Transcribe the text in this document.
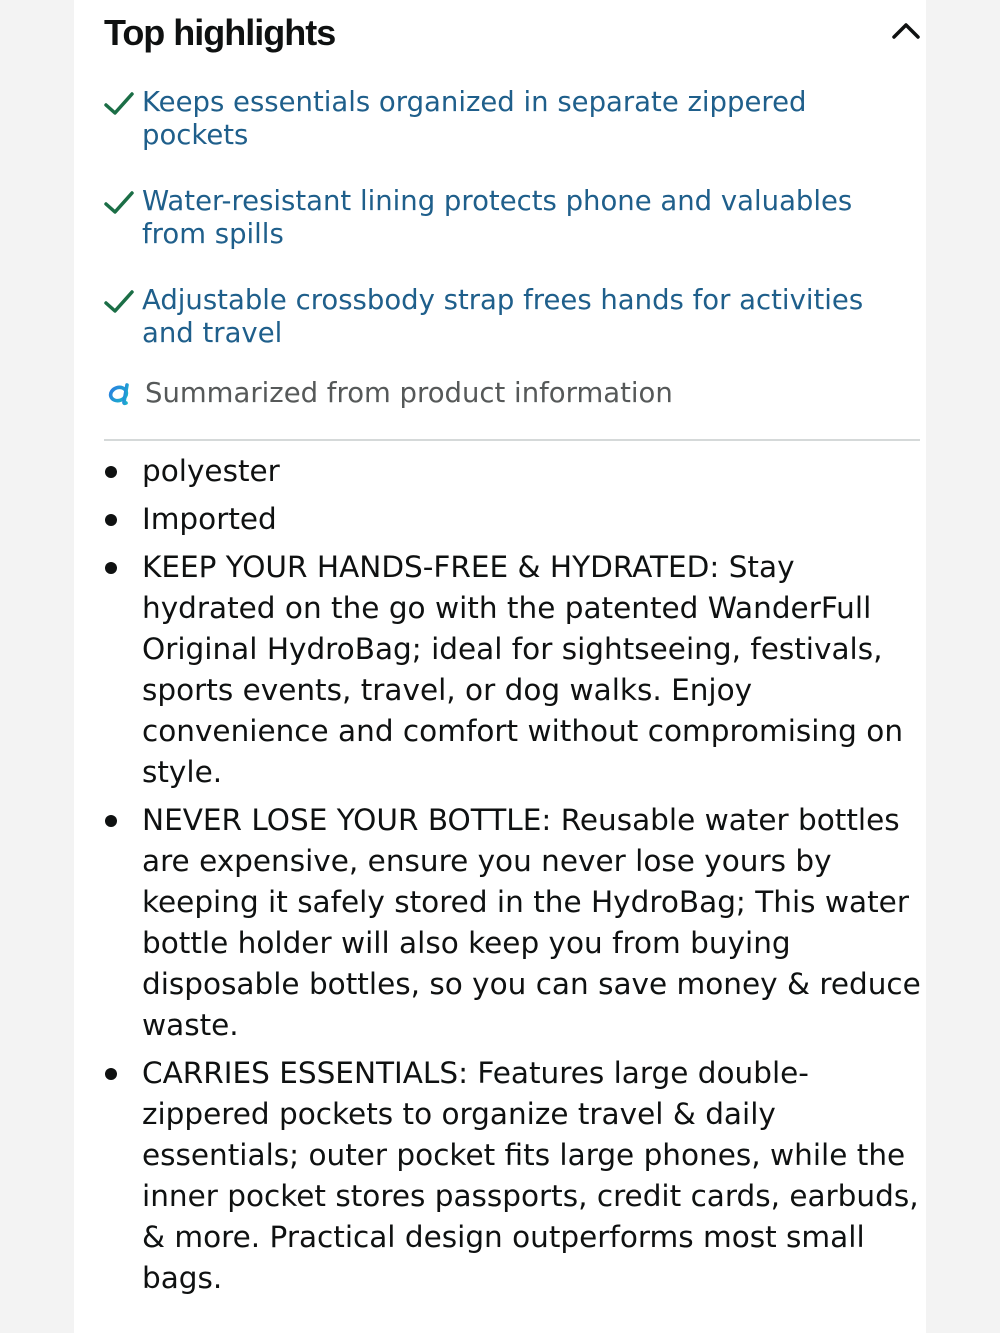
Top highlights
Keeps essentials organized in separate zippered pockets
Water-resistant lining protects phone and valuables from spills
Adjustable crossbody strap frees hands for activities and travel
Summarized from product information
polyester
Imported
KEEP YOUR HANDS-FREE & HYDRATED: Stay hydrated on the go with the patented WanderFull Original HydroBag; ideal for sightseeing, festivals, sports events, travel, or dog walks. Enjoy convenience and comfort without compromising on style.
NEVER LOSE YOUR BOTTLE: Reusable water bottles are expensive, ensure you never lose yours by keeping it safely stored in the HydroBag; This water bottle holder will also keep you from buying disposable bottles, so you can save money & reduce waste.
CARRIES ESSENTIALS: Features large double-zippered pockets to organize travel & daily essentials; outer pocket fits large phones, while the inner pocket stores passports, credit cards, earbuds, & more. Practical design outperforms most small bags.
